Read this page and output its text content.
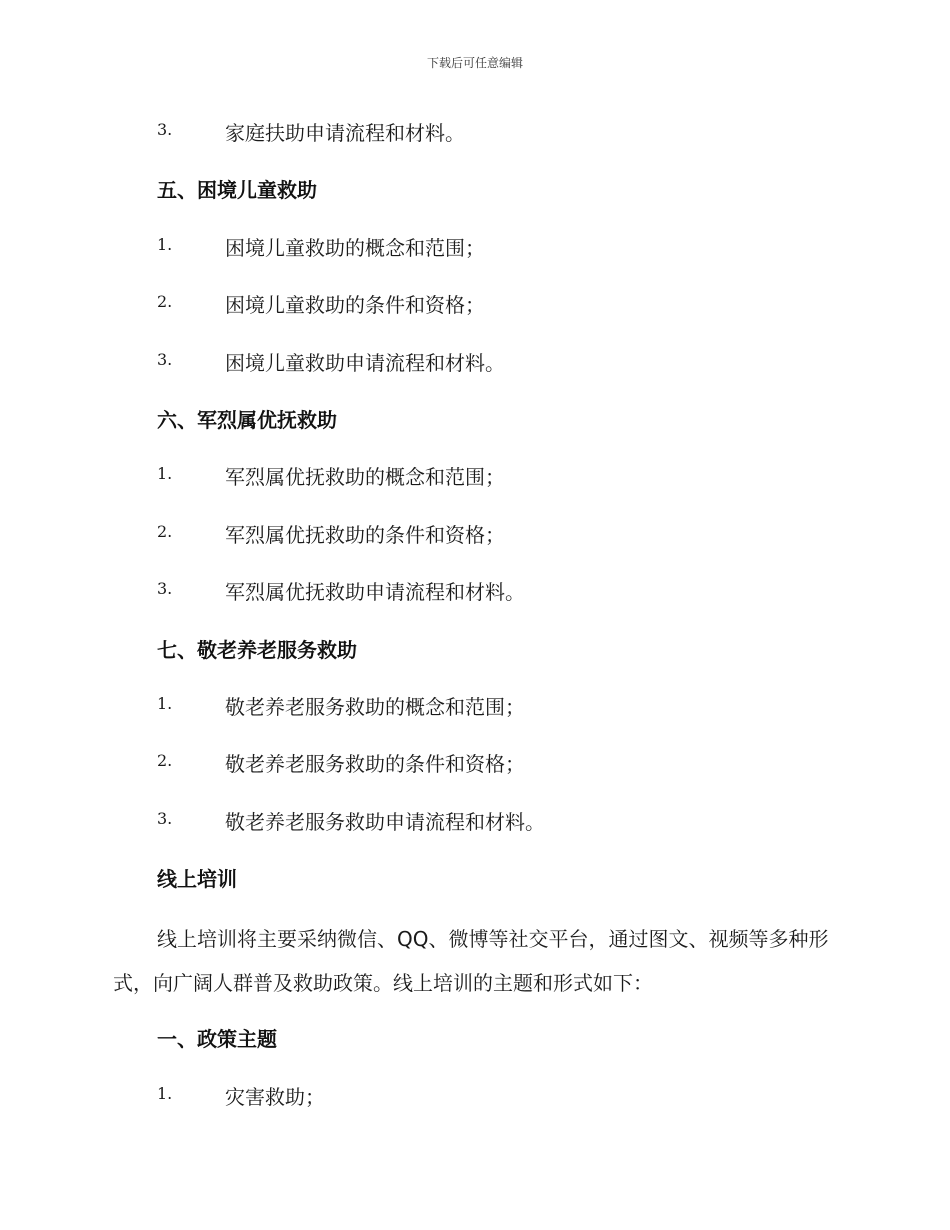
下载后可任意编辑
3.	家庭扶助申请流程和材料。
五、困境儿童救助
1.	困境儿童救助的概念和范围；
2.	困境儿童救助的条件和资格；
3.	困境儿童救助申请流程和材料。
六、军烈属优抚救助
1.	军烈属优抚救助的概念和范围；
2.	军烈属优抚救助的条件和资格；
3.	军烈属优抚救助申请流程和材料。
七、敬老养老服务救助
1.	敬老养老服务救助的概念和范围；
2.	敬老养老服务救助的条件和资格；
3.	敬老养老服务救助申请流程和材料。
线上培训

线上培训将主要采纳微信、QQ、微博等社交平台，通过图文、视频等多种形式，向广阔人群普及救助政策。线上培训的主题和形式如下：

一、政策主题
1.	灾害救助；
